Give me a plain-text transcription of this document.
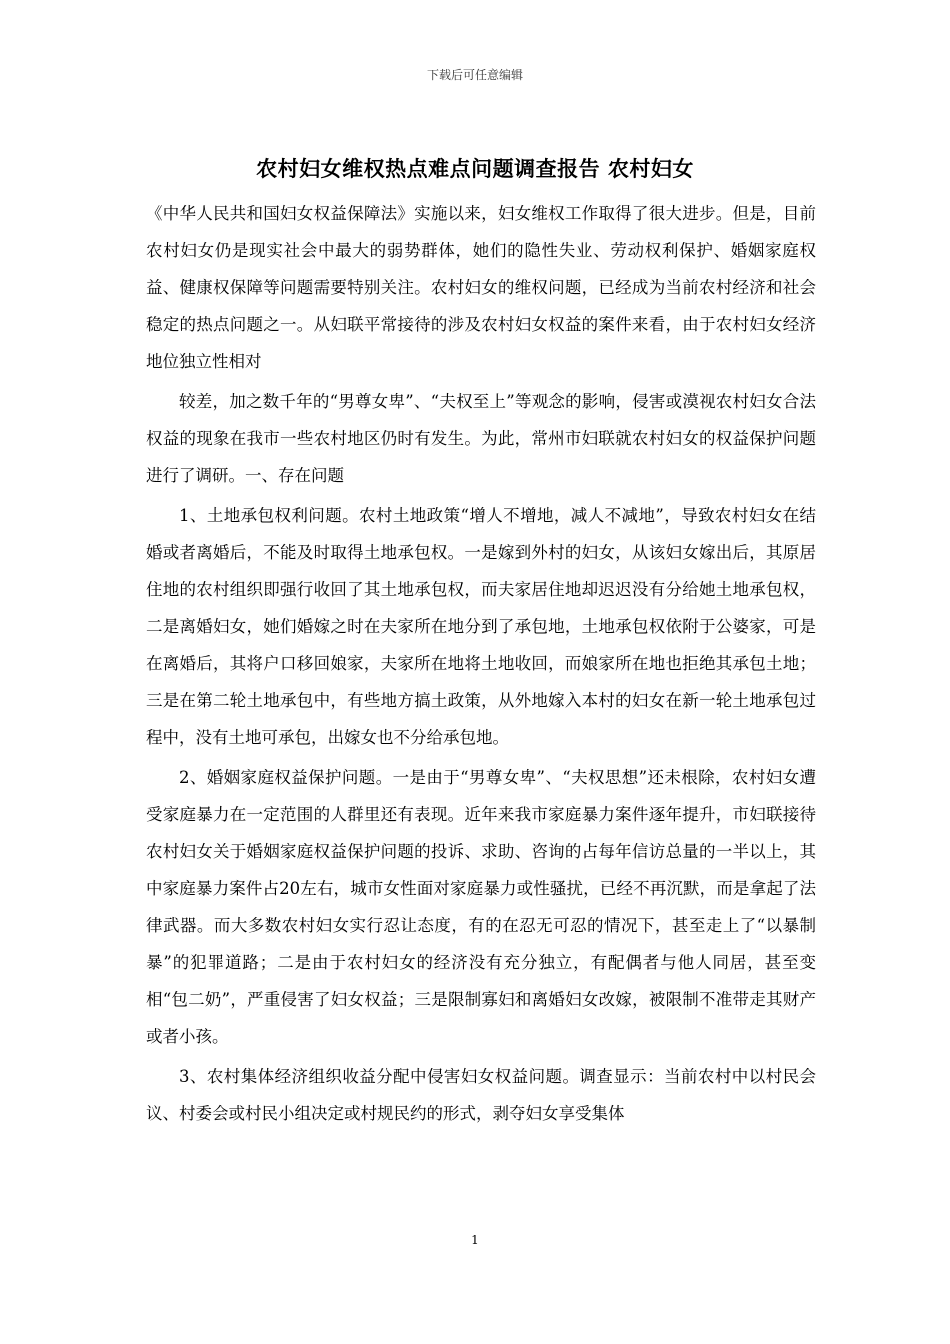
下载后可任意编辑
农村妇女维权热点难点问题调查报告 农村妇女

《中华人民共和国妇女权益保障法》实施以来，妇女维权工作取得了很大进步。但是，目前农村妇女仍是现实社会中最大的弱势群体，她们的隐性失业、劳动权利保护、婚姻家庭权益、健康权保障等问题需要特别关注。农村妇女的维权问题，已经成为当前农村经济和社会稳定的热点问题之一。从妇联平常接待的涉及农村妇女权益的案件来看，由于农村妇女经济地位独立性相对

较差，加之数千年的“男尊女卑”、“夫权至上”等观念的影响，侵害或漠视农村妇女合法权益的现象在我市一些农村地区仍时有发生。为此，常州市妇联就农村妇女的权益保护问题进行了调研。一、存在问题

1、土地承包权利问题。农村土地政策“增人不增地，减人不减地”，导致农村妇女在结婚或者离婚后，不能及时取得土地承包权。一是嫁到外村的妇女，从该妇女嫁出后，其原居住地的农村组织即强行收回了其土地承包权，而夫家居住地却迟迟没有分给她土地承包权，二是离婚妇女，她们婚嫁之时在夫家所在地分到了承包地，土地承包权依附于公婆家，可是在离婚后，其将户口移回娘家，夫家所在地将土地收回，而娘家所在地也拒绝其承包土地；三是在第二轮土地承包中，有些地方搞土政策，从外地嫁入本村的妇女在新一轮土地承包过程中，没有土地可承包，出嫁女也不分给承包地。

2、婚姻家庭权益保护问题。一是由于“男尊女卑”、“夫权思想”还未根除，农村妇女遭受家庭暴力在一定范围的人群里还有表现。近年来我市家庭暴力案件逐年提升，市妇联接待农村妇女关于婚姻家庭权益保护问题的投诉、求助、咨询的占每年信访总量的一半以上，其中家庭暴力案件占20左右，城市女性面对家庭暴力或性骚扰，已经不再沉默，而是拿起了法律武器。而大多数农村妇女实行忍让态度，有的在忍无可忍的情况下，甚至走上了“以暴制暴”的犯罪道路；二是由于农村妇女的经济没有充分独立，有配偶者与他人同居，甚至变相“包二奶”，严重侵害了妇女权益；三是限制寡妇和离婚妇女改嫁，被限制不准带走其财产或者小孩。

3、农村集体经济组织收益分配中侵害妇女权益问题。调查显示：当前农村中以村民会议、村委会或村民小组决定或村规民约的形式，剥夺妇女享受集体

1
